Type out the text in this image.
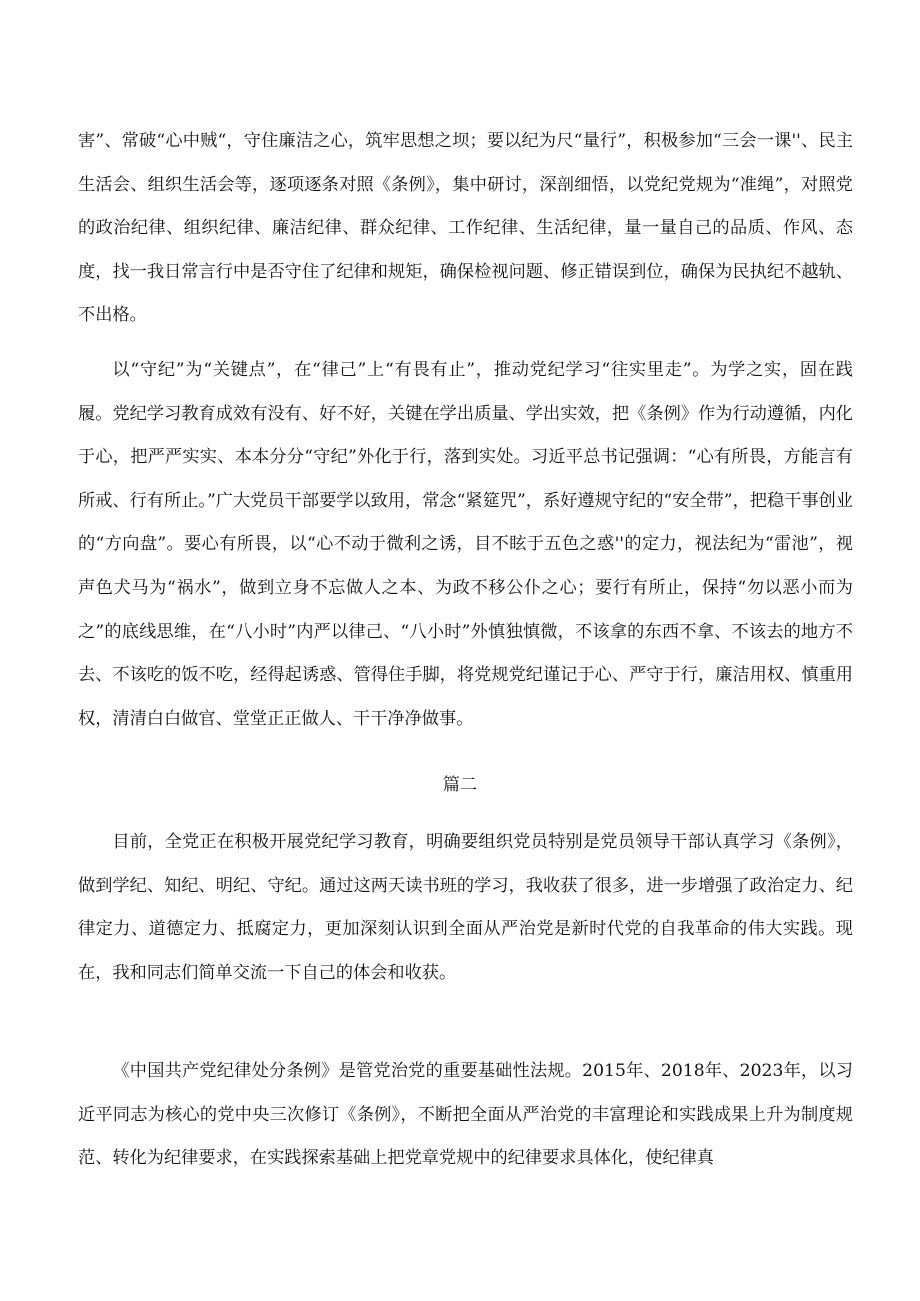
害”、常破“心中贼“，守住廉洁之心，筑牢思想之坝；要以纪为尺“量行”，积极参加“三会一课''、民主生活会、组织生活会等，逐项逐条对照《条例》，集中研讨，深剖细悟，以党纪党规为“准绳”，对照党的政治纪律、组织纪律、廉洁纪律、群众纪律、工作纪律、生活纪律，量一量自己的品质、作风、态度，找一我日常言行中是否守住了纪律和规矩，确保检视问题、修正错误到位，确保为民执纪不越轨、不出格。

以“守纪”为“关键点”，在“律己”上“有畏有止”，推动党纪学习“往实里走”。为学之实，固在践履。党纪学习教育成效有没有、好不好，关键在学出质量、学出实效，把《条例》作为行动遵循，内化于心，把严严实实、本本分分“守纪”外化于行，落到实处。习近平总书记强调：“心有所畏，方能言有所戒、行有所止。”广大党员干部要学以致用，常念“紧筵咒”，系好遵规守纪的“安全带”，把稳干事创业的“方向盘”。要心有所畏，以“心不动于微利之诱，目不眩于五色之惑''的定力，视法纪为“雷池”，视声色犬马为“祸水”，做到立身不忘做人之本、为政不移公仆之心；要行有所止，保持“勿以恶小而为之”的底线思维，在“八小时”内严以律己、“八小时”外慎独慎微，不该拿的东西不拿、不该去的地方不去、不该吃的饭不吃，经得起诱惑、管得住手脚，将党规党纪谨记于心、严守于行，廉洁用权、慎重用权，清清白白做官、堂堂正正做人、干干净净做事。

篇二

目前，全党正在积极开展党纪学习教育，明确要组织党员特别是党员领导干部认真学习《条例》，做到学纪、知纪、明纪、守纪。通过这两天读书班的学习，我收获了很多，进一步增强了政治定力、纪律定力、道德定力、抵腐定力，更加深刻认识到全面从严治党是新时代党的自我革命的伟大实践。现在，我和同志们简单交流一下自己的体会和收获。

《中国共产党纪律处分条例》是管党治党的重要基础性法规。2015年、2018年、2023年，以习近平同志为核心的党中央三次修订《条例》，不断把全面从严治党的丰富理论和实践成果上升为制度规范、转化为纪律要求，在实践探索基础上把党章党规中的纪律要求具体化，使纪律真
